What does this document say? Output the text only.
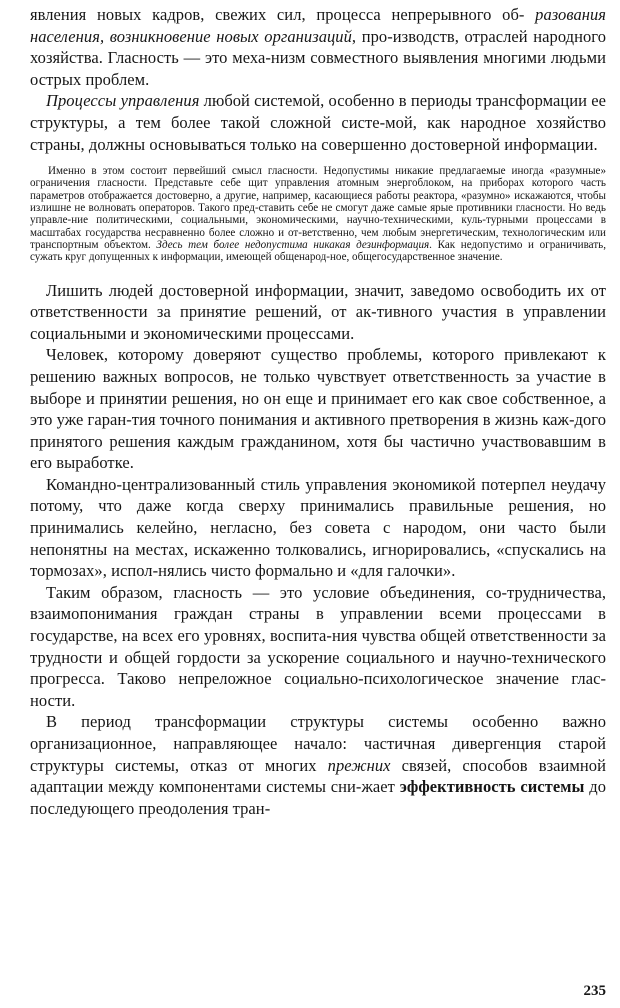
явления новых кадров, свежих сил, процесса непрерывного об- разования населения, возникновение новых организаций, про-изводств, отраслей народного хозяйства. Гласность — это меха-низм совместного выявления многими людьми острых проблем.

Процессы управления любой системой, особенно в периоды трансформации ее структуры, а тем более такой сложной систе-мой, как народное хозяйство страны, должны основываться только на совершенно достоверной информации.

Именно в этом состоит первейший смысл гласности. Недопустимы никакие предлагаемые иногда «разумные» ограничения гласности. Представьте себе щит управления атомным энергоблоком, на приборах которого часть параметров отображается достоверно, а другие, например, касающиеся работы реактора, «разумно» искажаются, чтобы излишне не волновать операторов. Такого пред-ставить себе не смогут даже самые ярые противники гласности. Но ведь управле-ние политическими, социальными, экономическими, научно-техническими, куль-турными процессами в масштабах государства несравненно более сложно и от-ветственно, чем любым энергетическим, технологическим или транспортным объектом. Здесь тем более недопустима никакая дезинформация. Как недопустимо и ограничивать, сужать круг допущенных к информации, имеющей общенарод-ное, общегосударственное значение.

Лишить людей достоверной информации, значит, заведомо освободить их от ответственности за принятие решений, от ак-тивного участия в управлении социальными и экономическими процессами.

Человек, которому доверяют существо проблемы, которого привлекают к решению важных вопросов, не только чувствует ответственность за участие в выборе и принятии решения, но он еще и принимает его как свое собственное, а это уже гаран-тия точного понимания и активного претворения в жизнь каж-дого принятого решения каждым гражданином, хотя бы частично участвовавшим в его выработке.

Командно-централизованный стиль управления экономикой потерпел неудачу потому, что даже когда сверху принимались правильные решения, но принимались келейно, негласно, без совета с народом, они часто были непонятны на местах, искаженно толковались, игнорировались, «спускались на тормозах», испол-нялись чисто формально и «для галочки».

Таким образом, гласность — это условие объединения, со-трудничества, взаимопонимания граждан страны в управлении всеми процессами в государстве, на всех его уровнях, воспита-ния чувства общей ответственности за трудности и общей гордости за ускорение социального и научно-технического прогресса. Таково непреложное социально-психологическое значение глас-ности.

В период трансформации структуры системы особенно важно организационное, направляющее начало: частичная дивергенция старой структуры системы, отказ от многих прежних связей, способов взаимной адаптации между компонентами системы сни-жает эффективность системы до последующего преодоления тран-

235
